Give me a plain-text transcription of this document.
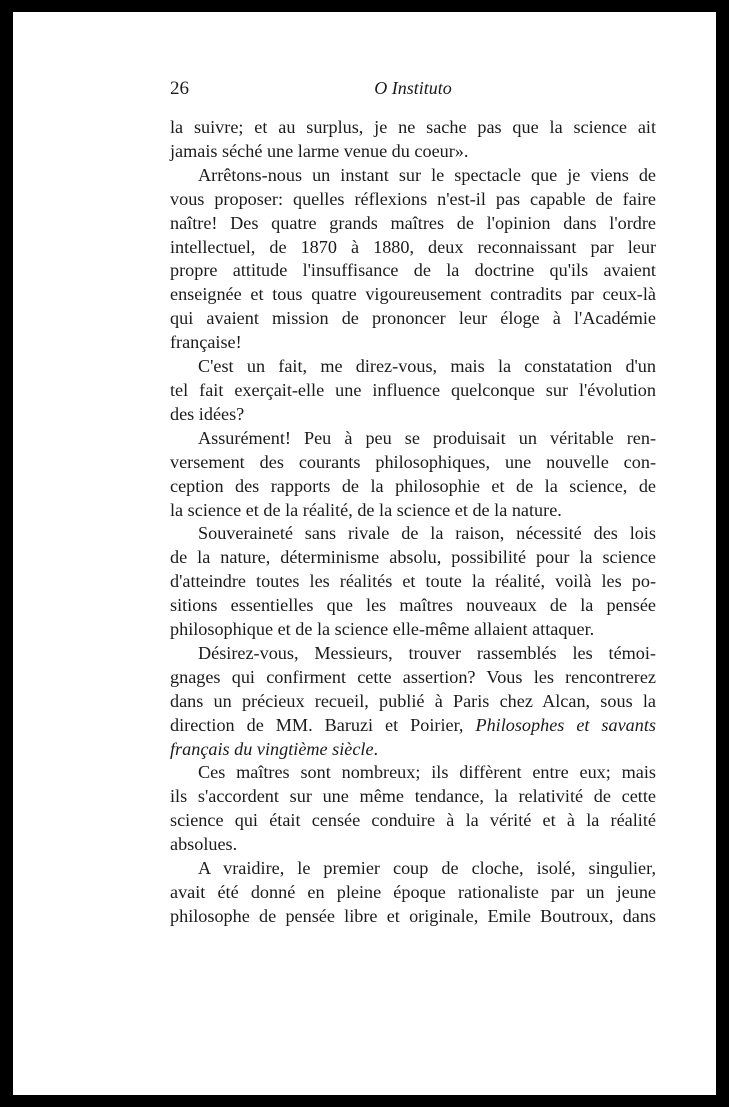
26	O Instituto
la suivre; et au surplus, je ne sache pas que la science ait
jamais séché une larme venue du coeur».
Arrêtons-nous un instant sur le spectacle que je viens de
vous proposer: quelles réflexions n'est-il pas capable de faire
naître! Des quatre grands maîtres de l'opinion dans l'ordre
intellectuel, de 1870 à 1880, deux reconnaissant par leur
propre attitude l'insuffisance de la doctrine qu'ils avaient
enseignée et tous quatre vigoureusement contradits par ceux-là
qui avaient mission de prononcer leur éloge à l'Académie
française!
C'est un fait, me direz-vous, mais la constatation d'un
tel fait exerçait-elle une influence quelconque sur l'évolution
des idées?
Assurément! Peu à peu se produisait un véritable ren-
versement des courants philosophiques, une nouvelle con-
ception des rapports de la philosophie et de la science, de
la science et de la réalité, de la science et de la nature.
Souveraineté sans rivale de la raison, nécessité des lois
de la nature, déterminisme absolu, possibilité pour la science
d'atteindre toutes les réalités et toute la réalité, voilà les po-
sitions essentielles que les maîtres nouveaux de la pensée
philosophique et de la science elle-même allaient attaquer.
Désirez-vous, Messieurs, trouver rassemblés les témoi-
gnages qui confirment cette assertion? Vous les rencontrerez
dans un précieux recueil, publié à Paris chez Alcan, sous la
direction de MM. Baruzi et Poirier, Philosophes et savants
français du vingtième siècle.
Ces maîtres sont nombreux; ils diffèrent entre eux; mais
ils s'accordent sur une même tendance, la relativité de cette
science qui était censée conduire à la vérité et à la réalité
absolues.
A vraidire, le premier coup de cloche, isolé, singulier,
avait été donné en pleine époque rationaliste par un jeune
philosophe de pensée libre et originale, Emile Boutroux, dans
